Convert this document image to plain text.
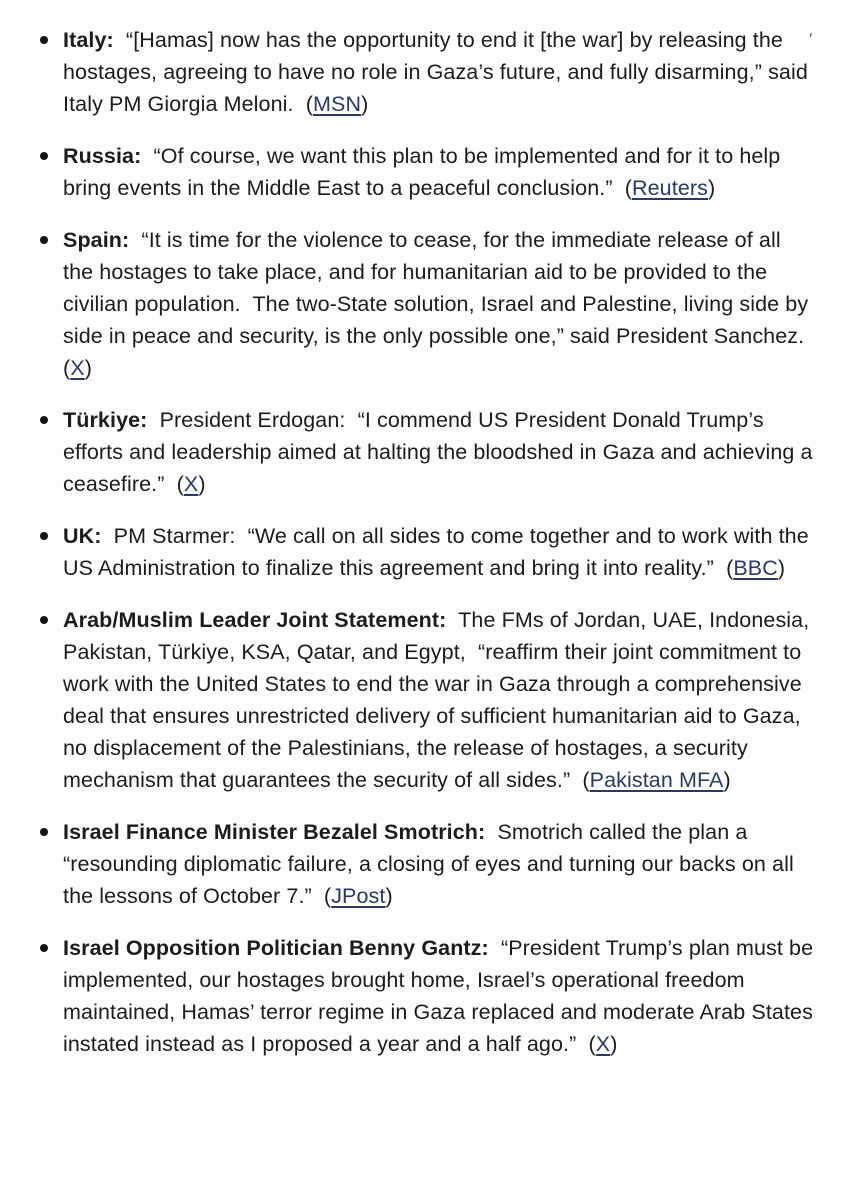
’
Italy:  “[Hamas] now has the opportunity to end it [the war] by releasing the hostages, agreeing to have no role in Gaza’s future, and fully disarming,” said Italy PM Giorgia Meloni.  (MSN)
Russia:  “Of course, we want this plan to be implemented and for it to help bring events in the Middle East to a peaceful conclusion.”  (Reuters)
Spain:  “It is time for the violence to cease, for the immediate release of all the hostages to take place, and for humanitarian aid to be provided to the civilian population.  The two-State solution, Israel and Palestine, living side by side in peace and security, is the only possible one,” said President Sanchez.  (X)
Türkiye:  President Erdogan:  “I commend US President Donald Trump’s efforts and leadership aimed at halting the bloodshed in Gaza and achieving a ceasefire.”  (X)
UK:  PM Starmer:  “We call on all sides to come together and to work with the US Administration to finalize this agreement and bring it into reality.”  (BBC)
Arab/Muslim Leader Joint Statement:  The FMs of Jordan, UAE, Indonesia, Pakistan, Türkiye, KSA, Qatar, and Egypt,  “reaffirm their joint commitment to work with the United States to end the war in Gaza through a comprehensive deal that ensures unrestricted delivery of sufficient humanitarian aid to Gaza, no displacement of the Palestinians, the release of hostages, a security mechanism that guarantees the security of all sides.”  (Pakistan MFA)
Israel Finance Minister Bezalel Smotrich:  Smotrich called the plan a “resounding diplomatic failure, a closing of eyes and turning our backs on all the lessons of October 7.”  (JPost)
Israel Opposition Politician Benny Gantz:  “President Trump’s plan must be implemented, our hostages brought home, Israel’s operational freedom maintained, Hamas’ terror regime in Gaza replaced and moderate Arab States instated instead as I proposed a year and a half ago.”  (X)
